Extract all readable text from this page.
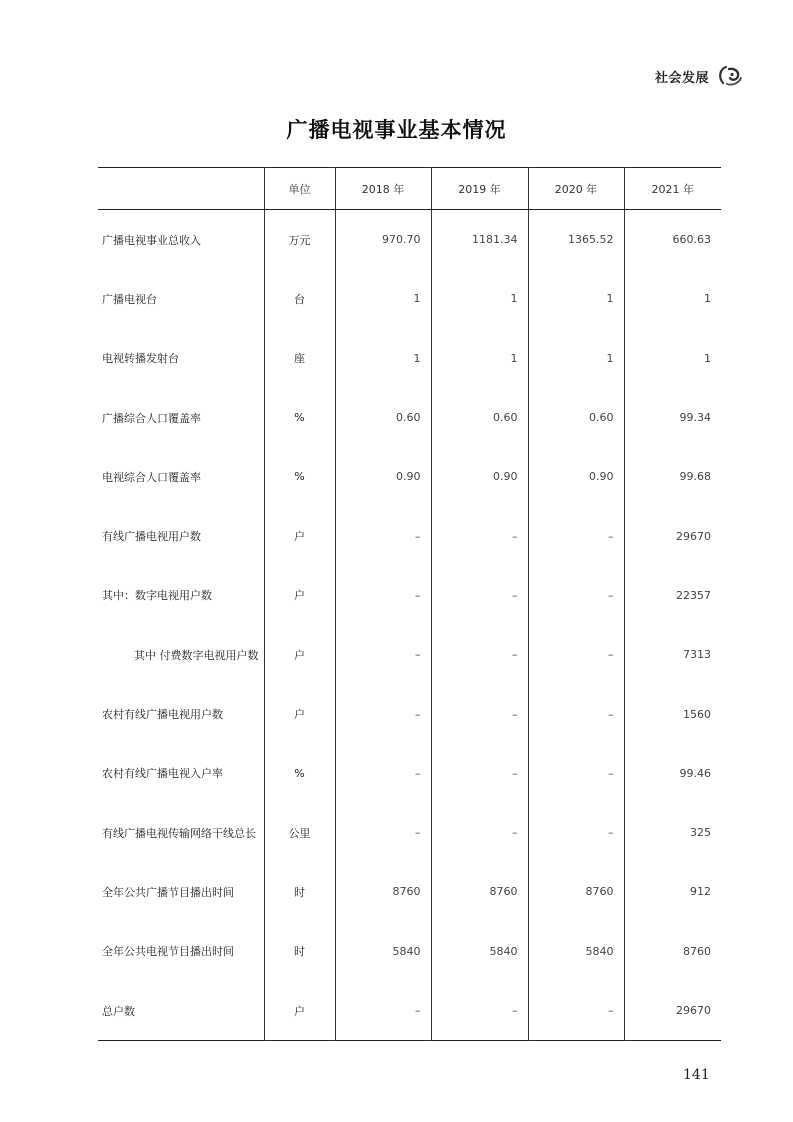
社会发展
广播电视事业基本情况
	单位	2018 年	2019 年	2020 年	2021 年
广播电视事业总收入	万元	970.70	1181.34	1365.52	660.63
广播电视台	台	1	1	1	1
电视转播发射台	座	1	1	1	1
广播综合人口覆盖率	%	0.60	0.60	0.60	99.34
电视综合人口覆盖率	%	0.90	0.90	0.90	99.68
有线广播电视用户数	户	–	–	–	29670
其中：数字电视用户数	户	–	–	–	22357
其中 付费数字电视用户数	户	–	–	–	7313
农村有线广播电视用户数	户	–	–	–	1560
农村有线广播电视入户率	%	–	–	–	99.46
有线广播电视传输网络干线总长	公里	–	–	–	325
全年公共广播节目播出时间	时	8760	8760	8760	912
全年公共电视节目播出时间	时	5840	5840	5840	8760
总户数	户	–	–	–	29670
141
